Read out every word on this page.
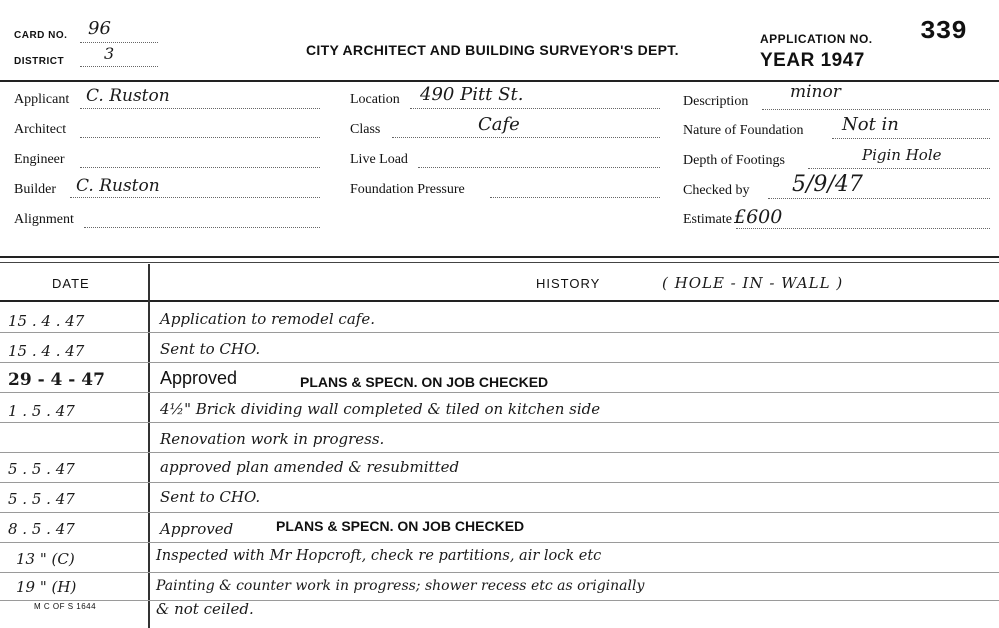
CARD NO. 96
DISTRICT 3	CITY ARCHITECT AND BUILDING SURVEYOR'S DEPT.
APPLICATION NO. 339
YEAR 1947
Applicant C. Ruston
Architect
Engineer
Builder C. Ruston
Alignment
Location 490 Pitt St.
Class	Cafe
Live Load
Foundation Pressure
Description minor
Nature of Foundation Not in
Depth of Footings	Pigin Hole
Checked by 5/9/47
Estimate £600
DATE	HISTORY	( HOLE - IN - WALL )
15 . 4 . 47	Application to remodel cafe.
15 . 4 . 47	Sent to CHO.
29 - 4 - 47	Approved	PLANS & SPECN. ON JOB CHECKED
1 . 5 . 47	4½" Brick dividing wall completed & tiled on kitchen side
Renovation work in progress.
5 . 5 . 47	approved plan amended & resubmitted
5 . 5 . 47	Sent to CHO.
8 . 5 . 47	Approved	PLANS & SPECN. ON JOB CHECKED
13 " (C)	Inspected with Mr Hopcroft, check re partitions, air lock etc
19 " (H)	Painting & counter work in progress; shower recess etc as originally
& not ceiled.
M C OF S 1644
